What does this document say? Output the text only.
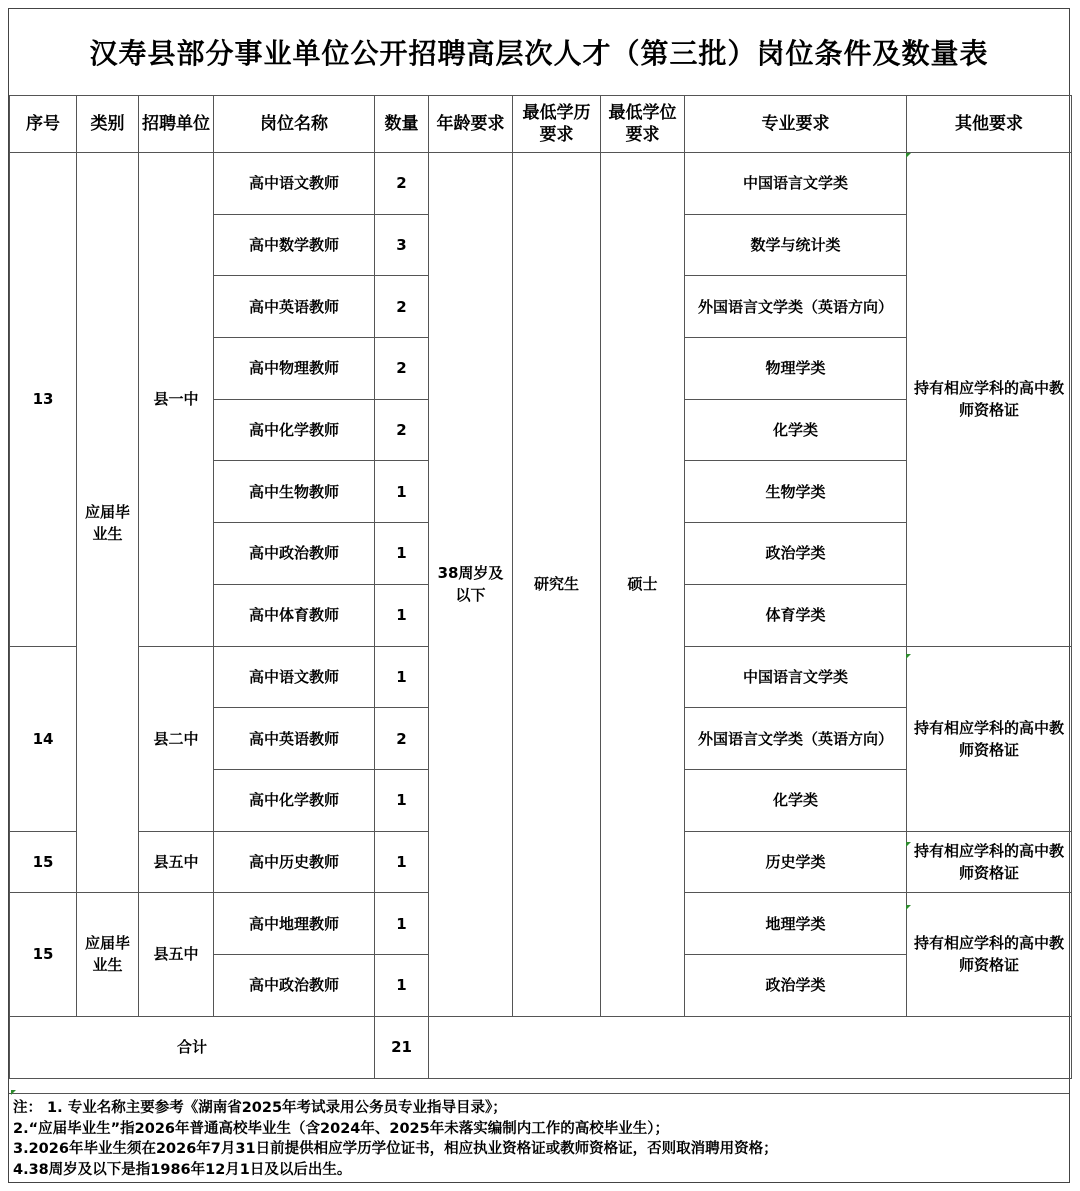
汉寿县部分事业单位公开招聘高层次人才（第三批）岗位条件及数量表
序号	类别	招聘单位	岗位名称	数量	年龄要求	最低学历要求	最低学位要求	专业要求	其他要求
13	应届毕业生	县一中	高中语文教师	2	38周岁及以下	研究生	硕士	中国语言文学类	持有相应学科的高中教师资格证
			高中数学教师	3				数学与统计类	
			高中英语教师	2				外国语言文学类（英语方向）	
			高中物理教师	2				物理学类	
			高中化学教师	2				化学类	
			高中生物教师	1				生物学类	
			高中政治教师	1				政治学类	
			高中体育教师	1				体育学类	
14		县二中	高中语文教师	1				中国语言文学类	持有相应学科的高中教师资格证
			高中英语教师	2				外国语言文学类（英语方向）	
			高中化学教师	1				化学类	
15		县五中	高中历史教师	1				历史学类	持有相应学科的高中教师资格证
15	应届毕业生	县五中	高中地理教师	1				地理学类	持有相应学科的高中教师资格证
			高中政治教师	1				政治学类	
合计				21					
注： 1. 专业名称主要参考《湖南省2025年考试录用公务员专业指导目录》；
2.“应届毕业生”指2026年普通高校毕业生（含2024年、2025年未落实编制内工作的高校毕业生）；
3.2026年毕业生须在2026年7月31日前提供相应学历学位证书，相应执业资格证或教师资格证，否则取消聘用资格；
4.38周岁及以下是指1986年12月1日及以后出生。
